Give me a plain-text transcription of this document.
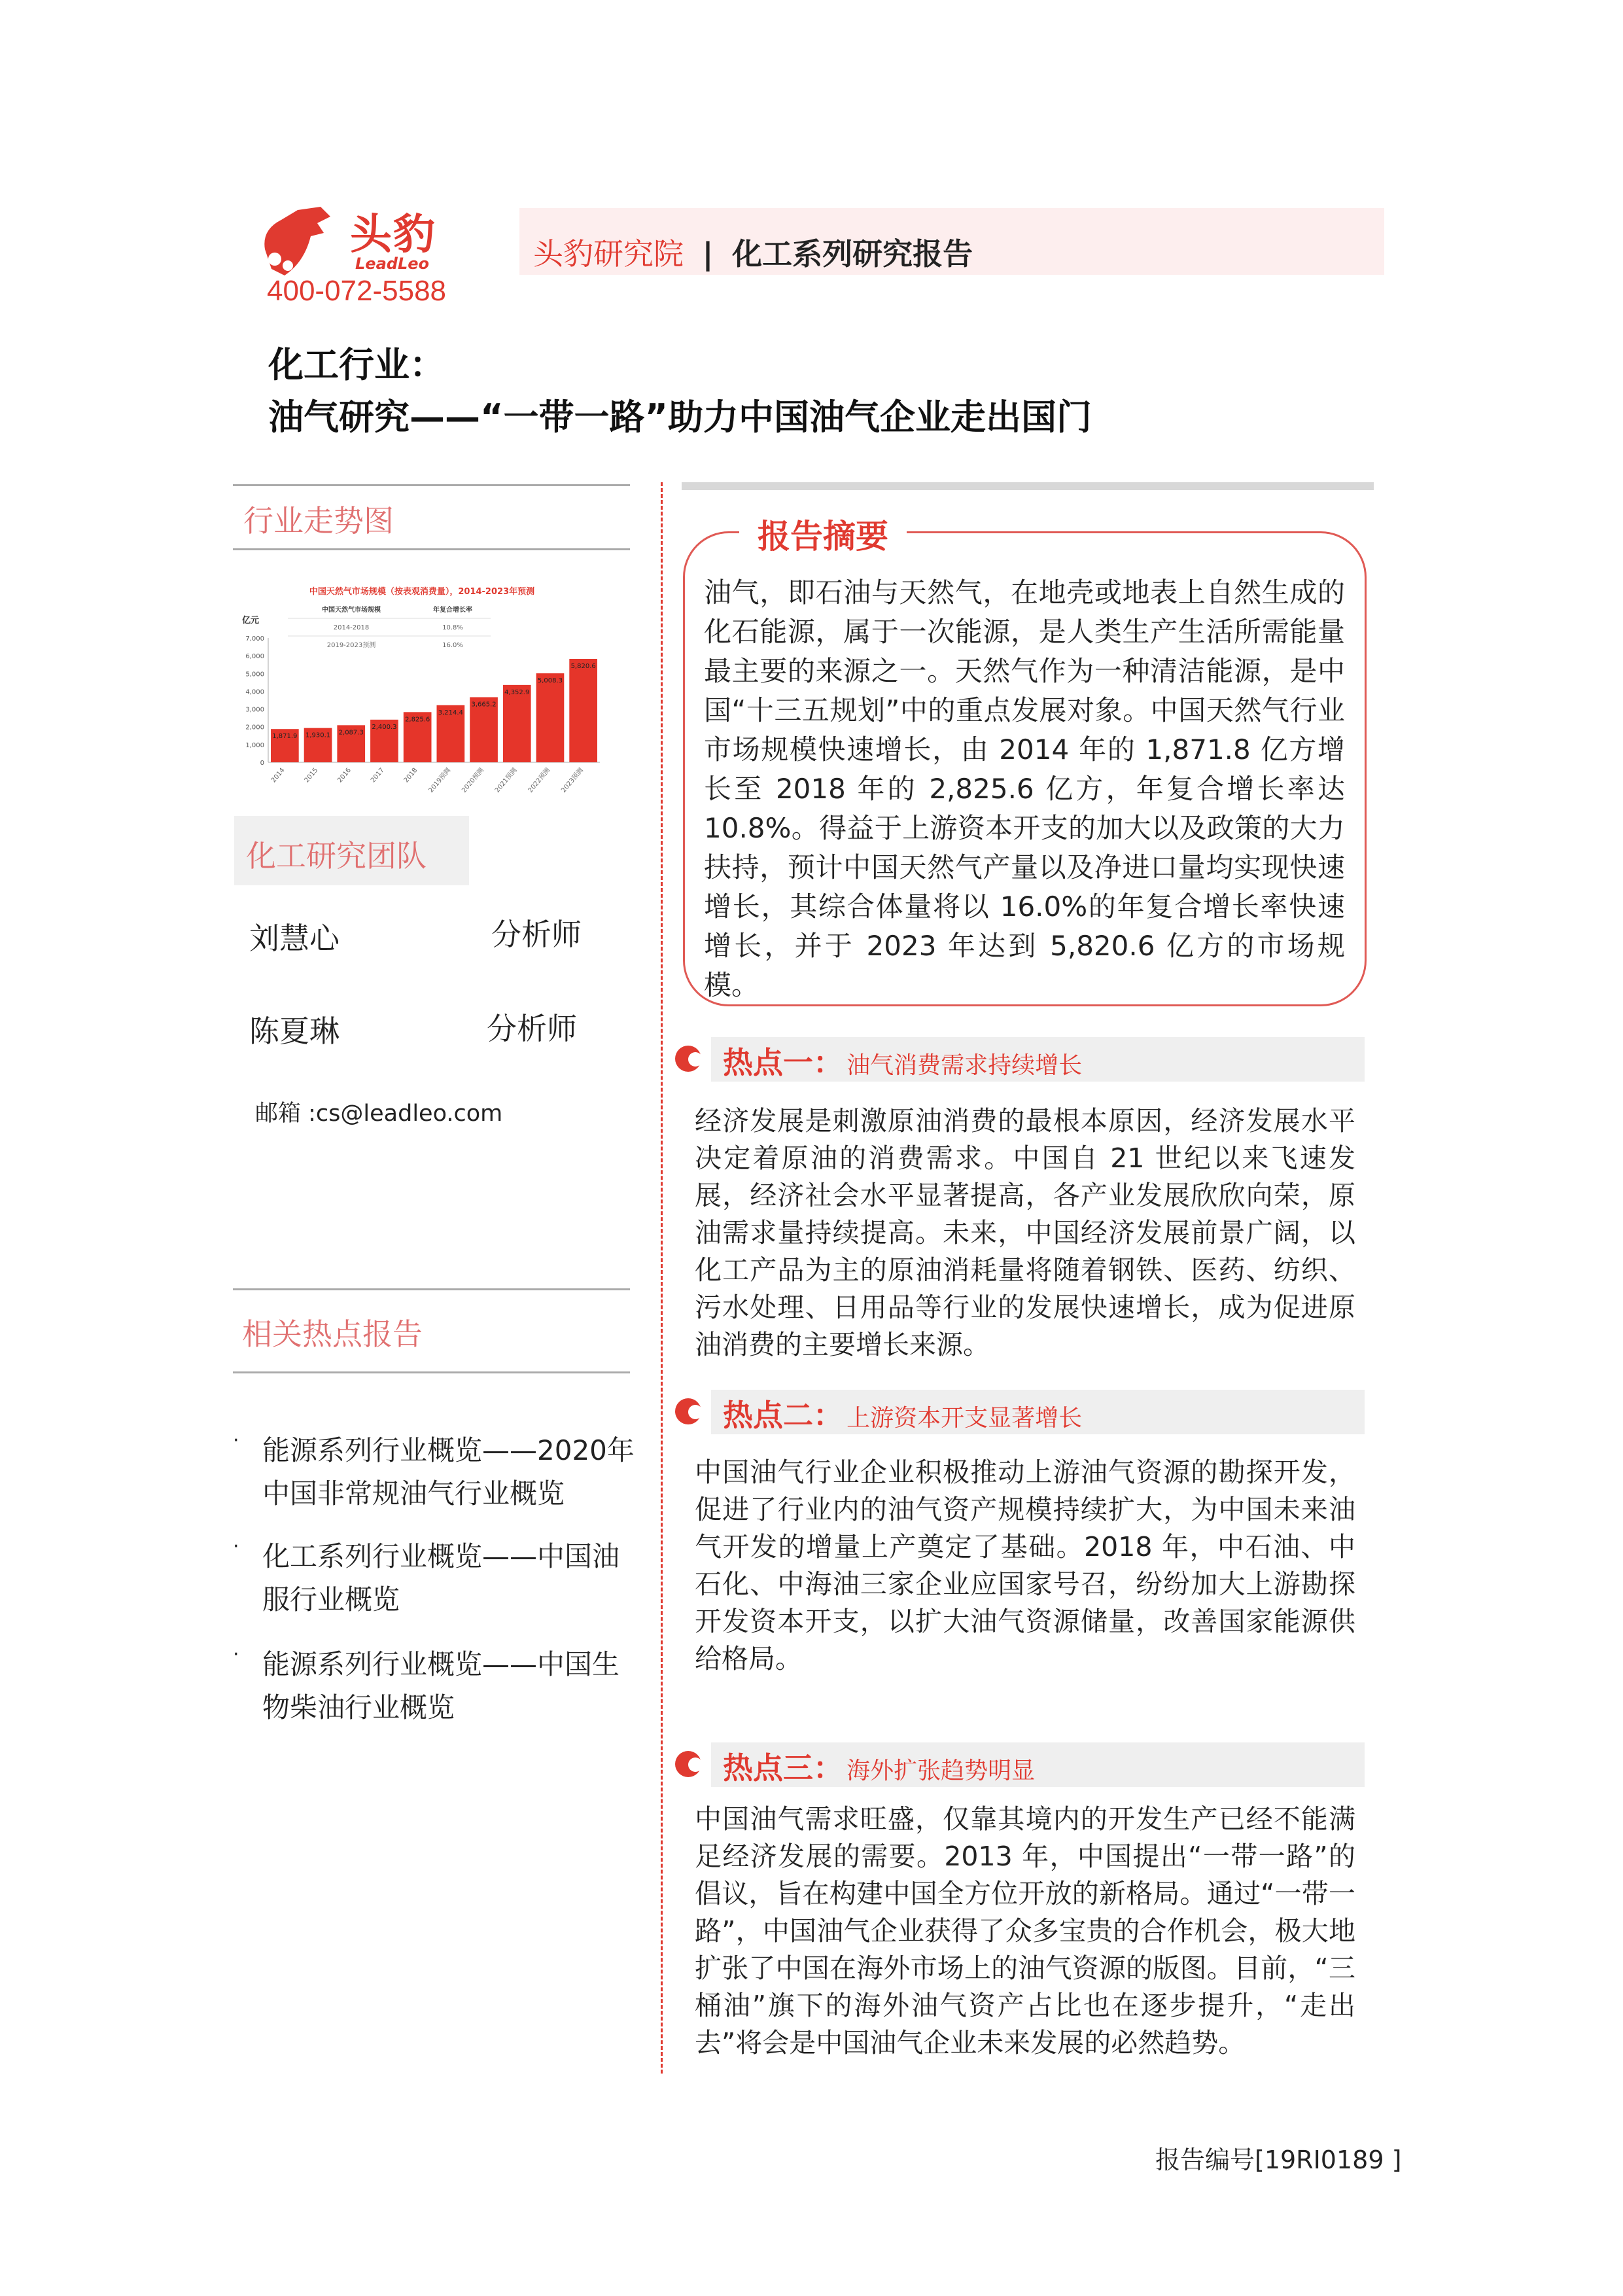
头豹
LeadLeo
400-072-5588
头豹研究院 | 化工系列研究报告
化工行业：
油气研究——“一带一路”助力中国油气企业走出国门
行业走势图
中国天然气市场规模（按表观消费量），2014-2023年预测
亿元
中国天然气市场规模	年复合增长率
2014-2018	10.8%
2019-2023预测	16.0%
0
1,000
2,000
3,000
4,000
5,000
6,000
7,000
1,871.9
2014
1,930.1
2015
2,087.3
2016
2,400.3
2017
2,825.6
2018
3,214.4
2019预测
3,665.2
2020预测
4,352.9
2021预测
5,008.3
2022预测
5,820.6
2023预测
化工研究团队
刘慧心	分析师
陈夏琳	分析师
邮箱 :cs@leadleo.com
相关热点报告
· 能源系列行业概览——2020年中国非常规油气行业概览
· 化工系列行业概览——中国油服行业概览
· 能源系列行业概览——中国生物柴油行业概览
报告摘要
油气，即石油与天然气，在地壳或地表上自然生成的化石能源，属于一次能源，是人类生产生活所需能量最主要的来源之一。天然气作为一种清洁能源，是中国“十三五规划”中的重点发展对象。中国天然气行业市场规模快速增长，由 2014 年的 1,871.8 亿方增长至 2018 年的 2,825.6 亿方，年复合增长率达10.8%。得益于上游资本开支的加大以及政策的大力扶持，预计中国天然气产量以及净进口量均实现快速增长，其综合体量将以 16.0%的年复合增长率快速增长，并于 2023 年达到 5,820.6 亿方的市场规模。
热点一： 油气消费需求持续增长
经济发展是刺激原油消费的最根本原因，经济发展水平决定着原油的消费需求。中国自 21 世纪以来飞速发展，经济社会水平显著提高，各产业发展欣欣向荣，原油需求量持续提高。未来，中国经济发展前景广阔，以化工产品为主的原油消耗量将随着钢铁、医药、纺织、污水处理、日用品等行业的发展快速增长，成为促进原油消费的主要增长来源。
热点二： 上游资本开支显著增长
中国油气行业企业积极推动上游油气资源的勘探开发，促进了行业内的油气资产规模持续扩大，为中国未来油气开发的增量上产奠定了基础。2018 年，中石油、中石化、中海油三家企业应国家号召，纷纷加大上游勘探开发资本开支，以扩大油气资源储量，改善国家能源供给格局。
热点三： 海外扩张趋势明显
中国油气需求旺盛，仅靠其境内的开发生产已经不能满足经济发展的需要。2013 年，中国提出“一带一路”的倡议，旨在构建中国全方位开放的新格局。通过“一带一路”，中国油气企业获得了众多宝贵的合作机会，极大地扩张了中国在海外市场上的油气资源的版图。目前，“三桶油”旗下的海外油气资产占比也在逐步提升，“走出去”将会是中国油气企业未来发展的必然趋势。
报告编号[19RI0189 ]
